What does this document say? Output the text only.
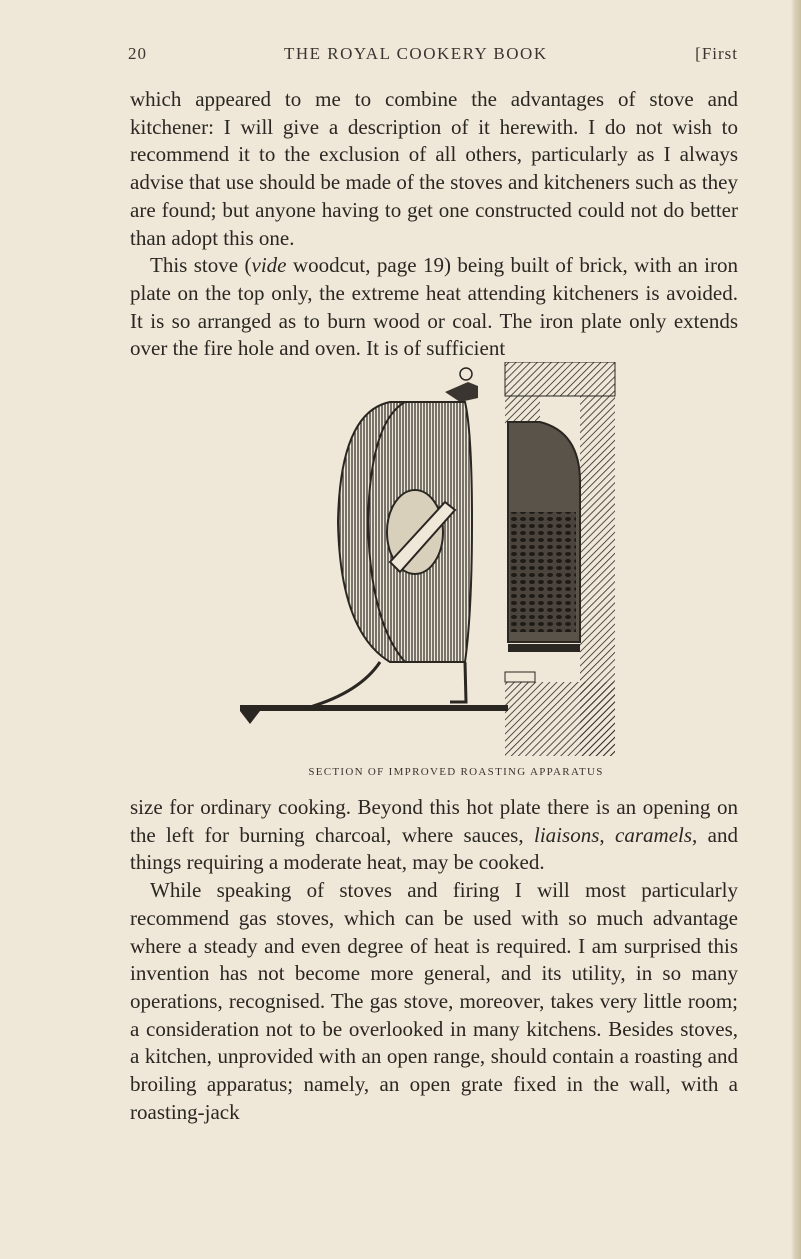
20	THE ROYAL COOKERY BOOK	[First

which appeared to me to combine the advantages of stove and kitchener: I will give a description of it herewith. I do not wish to recommend it to the exclusion of all others, particularly as I always advise that use should be made of the stoves and kitcheners such as they are found; but anyone having to get one constructed could not do better than adopt this one.

This stove (vide woodcut, page 19) being built of brick, with an iron plate on the top only, the extreme heat attending kitcheners is avoided. It is so arranged as to burn wood or coal. The iron plate only extends over the fire hole and oven. It is of sufficient

SECTION OF IMPROVED ROASTING APPARATUS

size for ordinary cooking. Beyond this hot plate there is an opening on the left for burning charcoal, where sauces, liaisons, caramels, and things requiring a moderate heat, may be cooked.

While speaking of stoves and firing I will most particularly recommend gas stoves, which can be used with so much advantage where a steady and even degree of heat is required. I am surprised this invention has not become more general, and its utility, in so many operations, recognised. The gas stove, moreover, takes very little room; a consideration not to be overlooked in many kitchens. Besides stoves, a kitchen, unprovided with an open range, should contain a roasting and broiling apparatus; namely, an open grate fixed in the wall, with a roasting-jack
